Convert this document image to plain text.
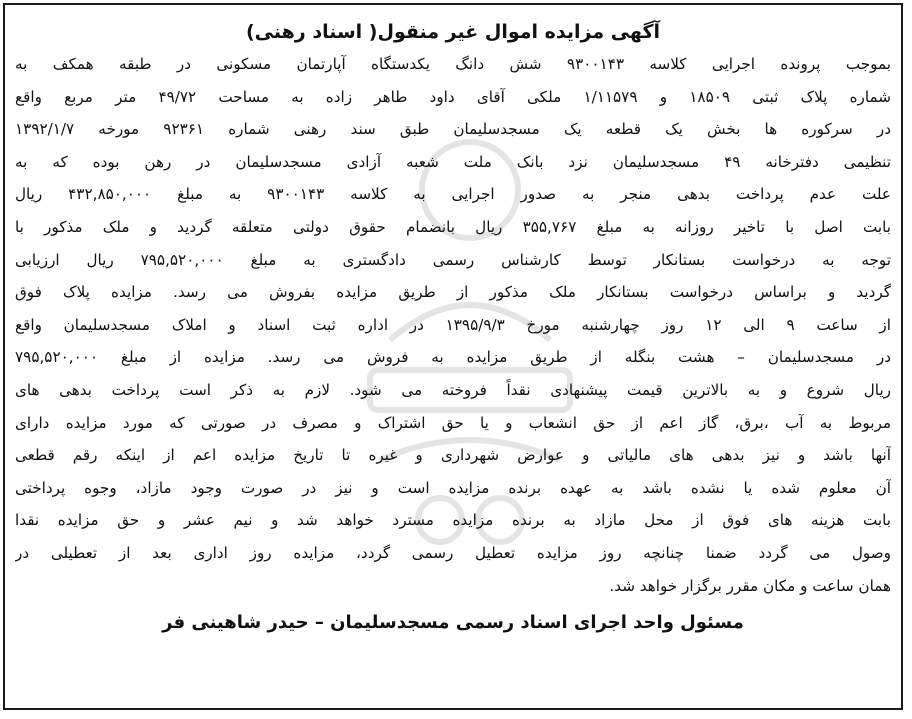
آگهی مزایده اموال غیر منقول( اسناد رهنی)
بموجب پرونده اجرایی کلاسه ۹۳۰۰۱۴۳ شش دانگ یکدستگاه آپارتمان مسکونی در طبقه همکف به
شماره پلاک ثبتی ۱۸۵۰۹ و ۱/۱۱۵۷۹ ملکی آقای داود طاهر زاده به مساحت ۴۹/۷۲ متر مربع واقع
در سرکوره ها بخش یک قطعه یک مسجدسلیمان طبق سند رهنی شماره ۹۲۳۶۱ مورخه ۱۳۹۲/۱/۷
تنظیمی دفترخانه ۴۹ مسجدسلیمان نزد بانک ملت شعبه آزادی مسجدسلیمان در رهن بوده که به
علت عدم پرداخت بدهی منجر به صدور اجرایی به کلاسه ۹۳۰۰۱۴۳ به مبلغ ۴۳۲,۸۵۰,۰۰۰ ریال
بابت اصل با تاخیر روزانه به مبلغ ۳۵۵,۷۶۷ ریال بانضمام حقوق دولتی متعلقه گردید و ملک مذکور با
توجه به درخواست بستانکار توسط کارشناس رسمی دادگستری به مبلغ ۷۹۵,۵۲۰,۰۰۰ ریال ارزیابی
گردید و براساس درخواست بستانکار ملک مذکور از طریق مزایده بفروش می رسد. مزایده پلاک فوق
از ساعت ۹ الی ۱۲ روز چهارشنبه مورخ ۱۳۹۵/۹/۳ در اداره ثبت اسناد و املاک مسجدسلیمان واقع
در مسجدسلیمان – هشت بنگله از طریق مزایده به فروش می رسد. مزایده از مبلغ ۷۹۵,۵۲۰,۰۰۰
ریال شروع و به بالاترین قیمت پیشنهادی نقداً فروخته می شود. لازم به ذکر است پرداخت بدهی های
مربوط به آب ،برق، گاز اعم از حق انشعاب و یا حق اشتراک و مصرف در صورتی که مورد مزایده دارای
آنها باشد و نیز بدهی های مالیاتی و عوارض شهرداری و غیره تا تاریخ مزایده اعم از اینکه رقم قطعی
آن معلوم شده یا نشده باشد به عهده برنده مزایده است و نیز در صورت وجود مازاد، وجوه پرداختی
بابت هزینه های فوق از محل مازاد به برنده مزایده مسترد خواهد شد و نیم عشر و حق مزایده نقدا
وصول می گردد ضمنا چنانچه روز مزایده تعطیل رسمی گردد، مزایده روز اداری بعد از تعطیلی در
همان ساعت و مکان مقرر برگزار خواهد شد.
مسئول واحد اجرای اسناد رسمی مسجدسلیمان – حیدر شاهینی فر
